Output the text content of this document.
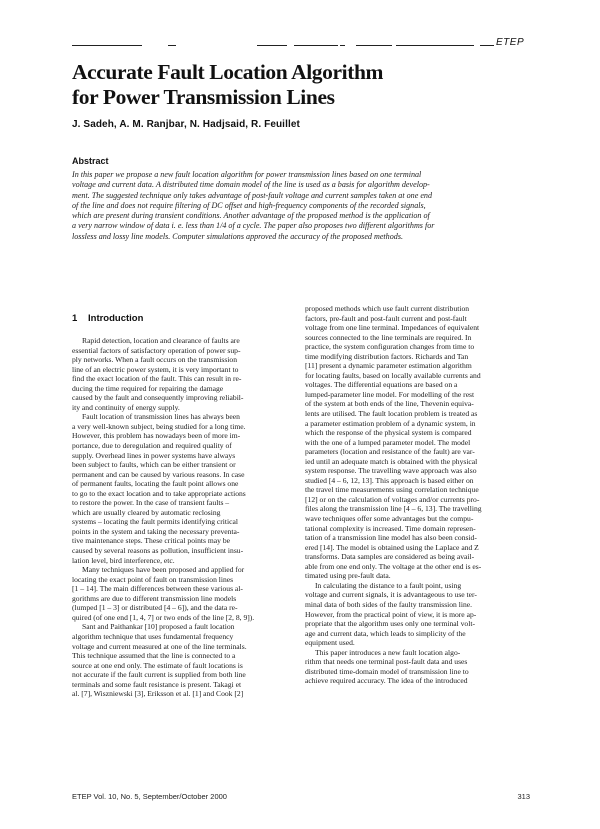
ETEP
Accurate Fault Location Algorithm
for Power Transmission Lines
J. Sadeh, A. M. Ranjbar, N. Hadjsaid, R. Feuillet
Abstract
In this paper we propose a new fault location algorithm for power transmission lines based on one terminal
voltage and current data. A distributed time domain model of the line is used as a basis for algorithm develop-
ment. The suggested technique only takes advantage of post-fault voltage and current samples taken at one end
of the line and does not require filtering of DC offset and high-frequency components of the recorded signals,
which are present during transient conditions. Another advantage of the proposed method is the application of
a very narrow window of data i. e. less than 1/4 of a cycle. The paper also proposes two different algorithms for
lossless and lossy line models. Computer simulations approved the accuracy of the proposed methods.
1 Introduction
Rapid detection, location and clearance of faults are
essential factors of satisfactory operation of power sup-
ply networks. When a fault occurs on the transmission
line of an electric power system, it is very important to
find the exact location of the fault. This can result in re-
ducing the time required for repairing the damage
caused by the fault and consequently improving reliabil-
ity and continuity of energy supply.
Fault location of transmission lines has always been
a very well-known subject, being studied for a long time.
However, this problem has nowadays been of more im-
portance, due to deregulation and required quality of
supply. Overhead lines in power systems have always
been subject to faults, which can be either transient or
permanent and can be caused by various reasons. In case
of permanent faults, locating the fault point allows one
to go to the exact location and to take appropriate actions
to restore the power. In the case of transient faults –
which are usually cleared by automatic reclosing
systems – locating the fault permits identifying critical
points in the system and taking the necessary preventa-
tive maintenance steps. These critical points may be
caused by several reasons as pollution, insufficient insu-
lation level, bird interference, etc.
Many techniques have been proposed and applied for
locating the exact point of fault on transmission lines
[1 – 14]. The main differences between these various al-
gorithms are due to different transmission line models
(lumped [1 – 3] or distributed [4 – 6]), and the data re-
quired (of one end [1, 4, 7] or two ends of the line [2, 8, 9]).
Sant and Paithankar [10] proposed a fault location
algorithm technique that uses fundamental frequency
voltage and current measured at one of the line terminals.
This technique assumed that the line is connected to a
source at one end only. The estimate of fault locations is
not accurate if the fault current is supplied from both line
terminals and some fault resistance is present. Takagi et
al. [7], Wiszniewski [3], Eriksson et al. [1] and Cook [2]
proposed methods which use fault current distribution
factors, pre-fault and post-fault current and post-fault
voltage from one line terminal. Impedances of equivalent
sources connected to the line terminals are required. In
practice, the system configuration changes from time to
time modifying distribution factors. Richards and Tan
[11] present a dynamic parameter estimation algorithm
for locating faults, based on locally available currents and
voltages. The differential equations are based on a
lumped-parameter line model. For modelling of the rest
of the system at both ends of the line, Thevenin equiva-
lents are utilised. The fault location problem is treated as
a parameter estimation problem of a dynamic system, in
which the response of the physical system is compared
with the one of a lumped parameter model. The model
parameters (location and resistance of the fault) are var-
ied until an adequate match is obtained with the physical
system response. The travelling wave approach was also
studied [4 – 6, 12, 13]. This approach is based either on
the travel time measurements using correlation technique
[12] or on the calculation of voltages and/or currents pro-
files along the transmission line [4 – 6, 13]. The travelling
wave techniques offer some advantages but the compu-
tational complexity is increased. Time domain represen-
tation of a transmission line model has also been consid-
ered [14]. The model is obtained using the Laplace and Z
transforms. Data samples are considered as being avail-
able from one end only. The voltage at the other end is es-
timated using pre-fault data.
In calculating the distance to a fault point, using
voltage and current signals, it is advantageous to use ter-
minal data of both sides of the faulty transmission line.
However, from the practical point of view, it is more ap-
propriate that the algorithm uses only one terminal volt-
age and current data, which leads to simplicity of the
equipment used.
This paper introduces a new fault location algo-
rithm that needs one terminal post-fault data and uses
distributed time-domain model of transmission line to
achieve required accuracy. The idea of the introduced
ETEP Vol. 10, No. 5, September/October 2000	313
